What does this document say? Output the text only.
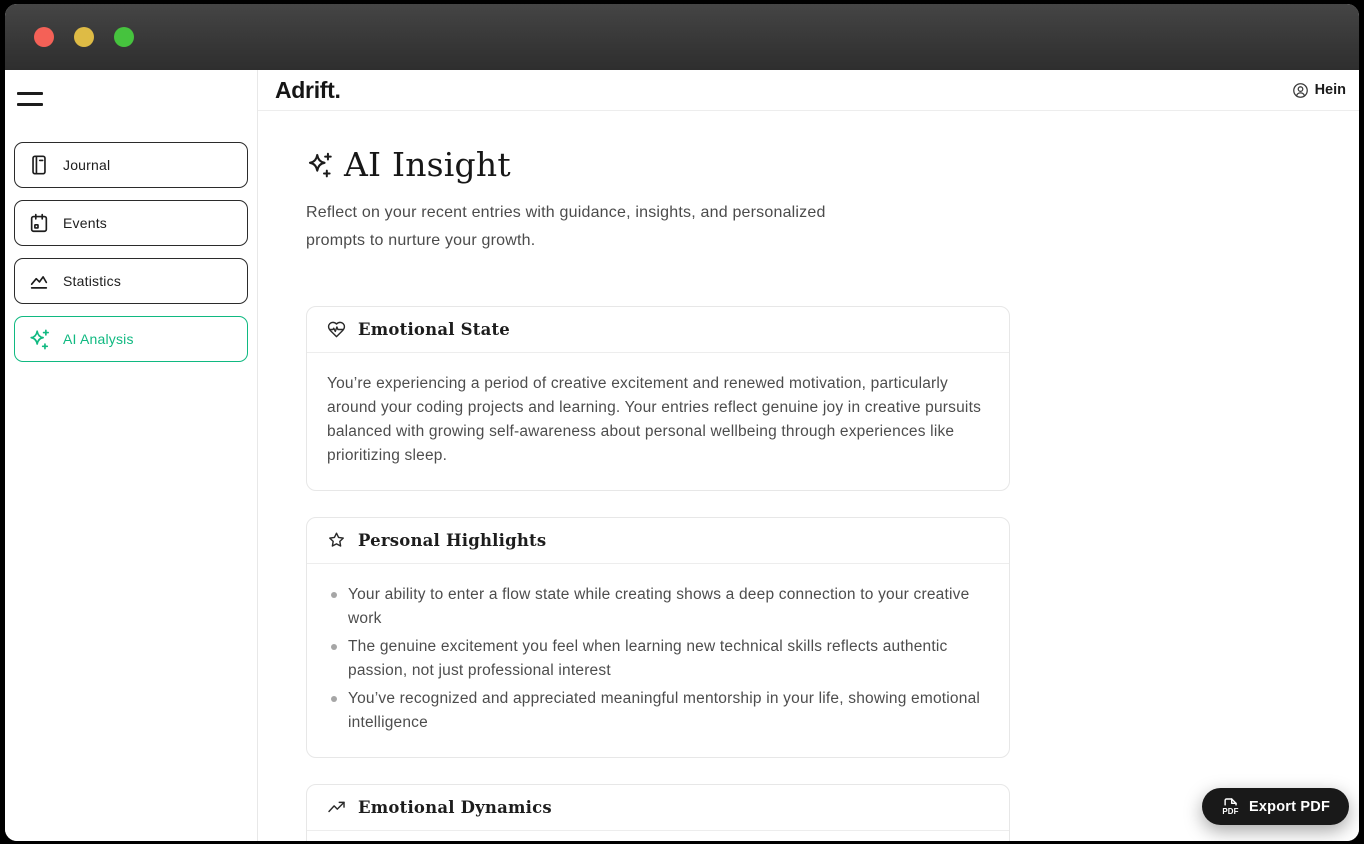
Journal
Events
Statistics
AI Analysis
Adrift.	Hein
AI Insight

Reflect on your recent entries with guidance, insights, and personalized prompts to nurture your growth.

Emotional State
You’re experiencing a period of creative excitement and renewed motivation, particularly around your coding projects and learning. Your entries reflect genuine joy in creative pursuits balanced with growing self-awareness about personal wellbeing through experiences like prioritizing sleep.
Personal Highlights
Your ability to enter a flow state while creating shows a deep connection to your creative work
The genuine excitement you feel when learning new technical skills reflects authentic passion, not just professional interest
You’ve recognized and appreciated meaningful mentorship in your life, showing emotional intelligence
Emotional Dynamics	PDF Export PDF
